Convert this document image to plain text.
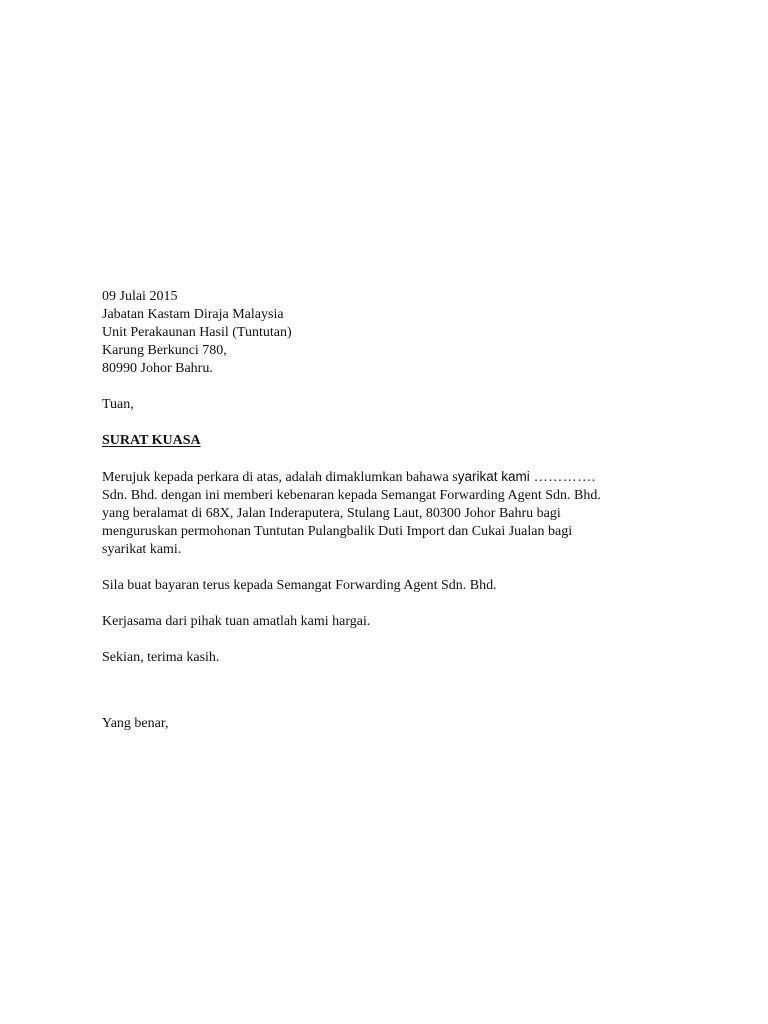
09 Julai 2015
Jabatan Kastam Diraja Malaysia
Unit Perakaunan Hasil (Tuntutan)
Karung Berkunci 780,
80990 Johor Bahru.
Tuan,
SURAT KUASA
Merujuk kepada perkara di atas, adalah dimaklumkan bahawa syarikat kami ………….
Sdn. Bhd. dengan ini memberi kebenaran kepada Semangat Forwarding Agent Sdn. Bhd.
yang beralamat di 68X, Jalan Inderaputera, Stulang Laut, 80300 Johor Bahru bagi
menguruskan permohonan Tuntutan Pulangbalik Duti Import dan Cukai Jualan bagi
syarikat kami.
Sila buat bayaran terus kepada Semangat Forwarding Agent Sdn. Bhd.
Kerjasama dari pihak tuan amatlah kami hargai.
Sekian, terima kasih.
Yang benar,
